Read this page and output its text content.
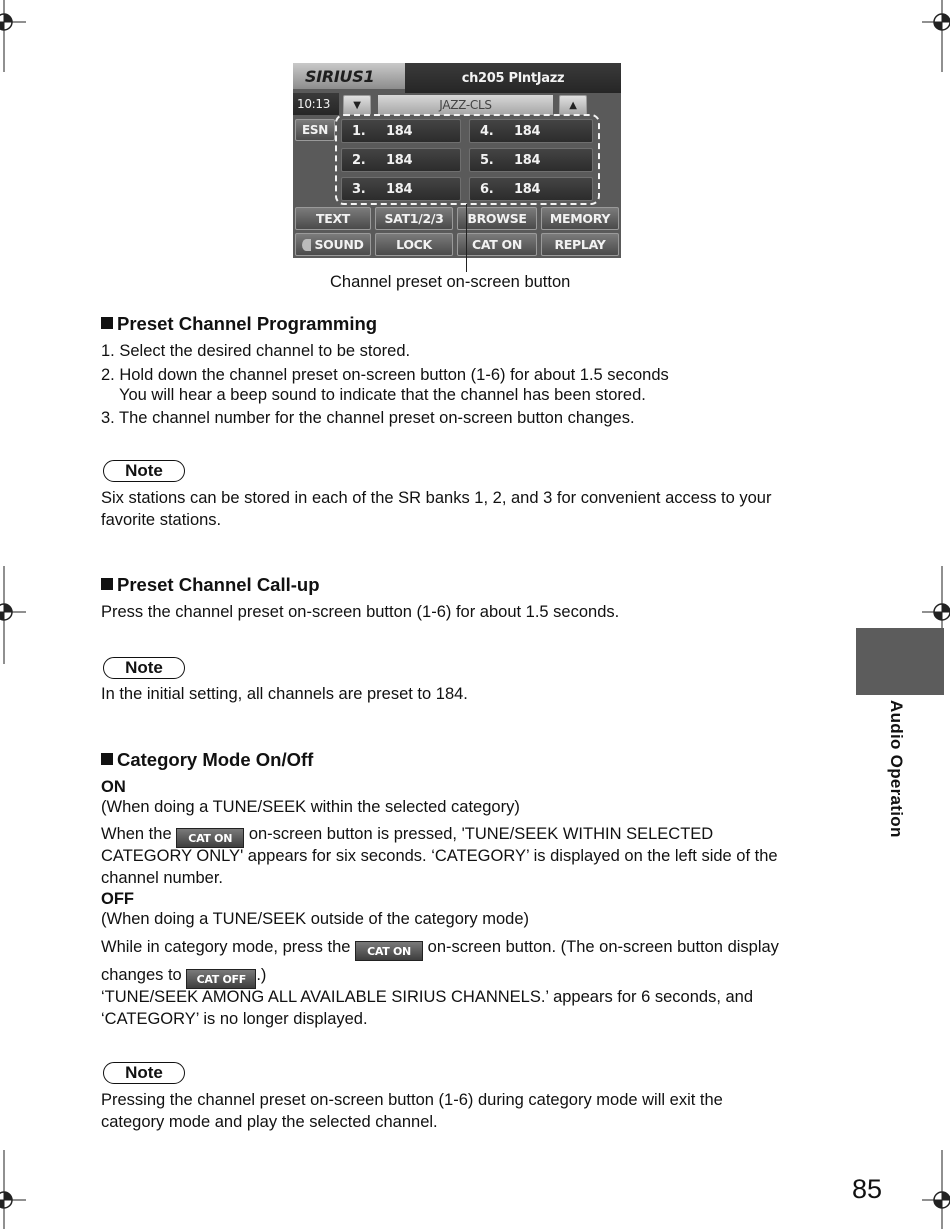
SIRIUS1	ch205 PlntJazz
10:13	▼	JAZZ-CLS	▲
ESN	1.	184	4.	184
2.	184	5.	184
3.	184	6.	184
TEXT	SAT1/2/3	BROWSE	MEMORY
SOUND	LOCK	CAT ON	REPLAY
Channel preset on-screen button
Preset Channel Programming
1. Select the desired channel to be stored.
2. Hold down the channel preset on-screen button (1-6) for about 1.5 seconds
You will hear a beep sound to indicate that the channel has been stored.
3. The channel number for the channel preset on-screen button changes.
Note
Six stations can be stored in each of the SR banks 1, 2, and 3 for convenient access to your
favorite stations.
Preset Channel Call-up
Press the channel preset on-screen button (1-6) for about 1.5 seconds.
Note
In the initial setting, all channels are preset to 184.
Category Mode On/Off
ON
(When doing a TUNE/SEEK within the selected category)
When the CAT ON on-screen button is pressed, 'TUNE/SEEK WITHIN SELECTED
CATEGORY ONLY' appears for six seconds. ‘CATEGORY’ is displayed on the left side of the
channel number.
OFF
(When doing a TUNE/SEEK outside of the category mode)
While in category mode, press the CAT ON on-screen button. (The on-screen button display
changes to CAT OFF .)
‘TUNE/SEEK AMONG ALL AVAILABLE SIRIUS CHANNELS.’ appears for 6 seconds, and
‘CATEGORY’ is no longer displayed.
Note
Pressing the channel preset on-screen button (1-6) during category mode will exit the
category mode and play the selected channel.
Audio Operation
85
